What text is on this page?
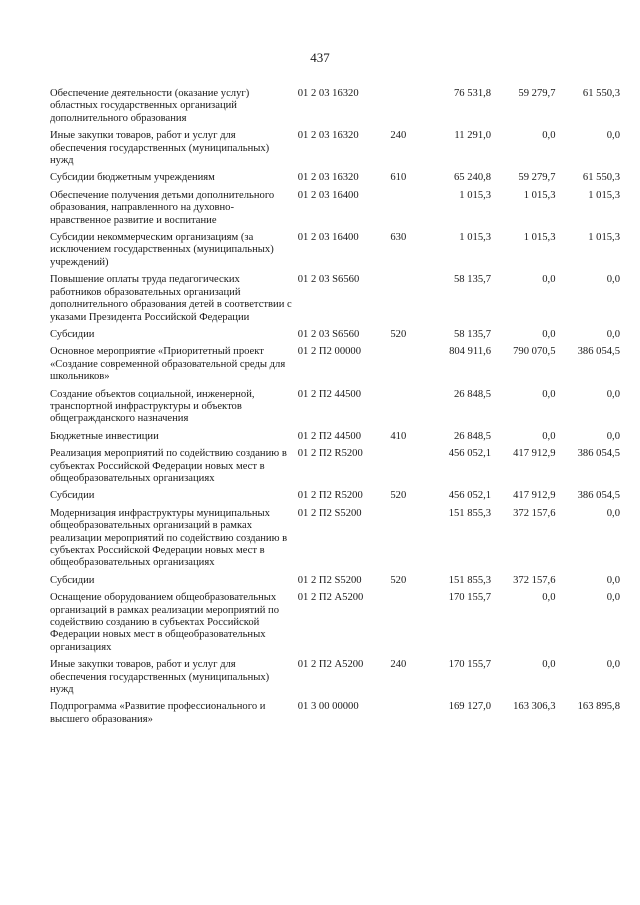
437
Обеспечение деятельности (оказание услуг) областных государственных организаций дополнительного образования	01 2 03 16320		76 531,8	59 279,7	61 550,3
Иные закупки товаров, работ и услуг для обеспечения государственных (муниципальных) нужд	01 2 03 16320	240	11 291,0	0,0	0,0
Субсидии бюджетным учреждениям	01 2 03 16320	610	65 240,8	59 279,7	61 550,3
Обеспечение получения детьми дополнительного образования, направленного на духовно-нравственное развитие и воспитание	01 2 03 16400		1 015,3	1 015,3	1 015,3
Субсидии некоммерческим организациям (за исключением государственных (муниципальных) учреждений)	01 2 03 16400	630	1 015,3	1 015,3	1 015,3
Повышение оплаты труда педагогических работников образовательных организаций дополнительного образования детей в соответствии с указами Президента Российской Федерации	01 2 03 S6560		58 135,7	0,0	0,0
Субсидии	01 2 03 S6560	520	58 135,7	0,0	0,0
Основное мероприятие «Приоритетный проект «Создание современной образовательной среды для школьников»	01 2 П2 00000		804 911,6	790 070,5	386 054,5
Создание объектов социальной, инженерной, транспортной инфраструктуры и объектов общегражданского назначения	01 2 П2 44500		26 848,5	0,0	0,0
Бюджетные инвестиции	01 2 П2 44500	410	26 848,5	0,0	0,0
Реализация мероприятий по содействию созданию в субъектах Российской Федерации новых мест в общеобразовательных организациях	01 2 П2 R5200		456 052,1	417 912,9	386 054,5
Субсидии	01 2 П2 R5200	520	456 052,1	417 912,9	386 054,5
Модернизация инфраструктуры муниципальных общеобразовательных организаций в рамках реализации мероприятий по содействию созданию в субъектах Российской Федерации новых мест в общеобразовательных организациях	01 2 П2 S5200		151 855,3	372 157,6	0,0
Субсидии	01 2 П2 S5200	520	151 855,3	372 157,6	0,0
Оснащение оборудованием общеобразовательных организаций в рамках реализации мероприятий по содействию созданию в субъектах Российской Федерации новых мест в общеобразовательных организациях	01 2 П2 A5200		170 155,7	0,0	0,0
Иные закупки товаров, работ и услуг для обеспечения государственных (муниципальных) нужд	01 2 П2 A5200	240	170 155,7	0,0	0,0
Подпрограмма «Развитие профессионального и высшего образования»	01 3 00 00000		169 127,0	163 306,3	163 895,8
